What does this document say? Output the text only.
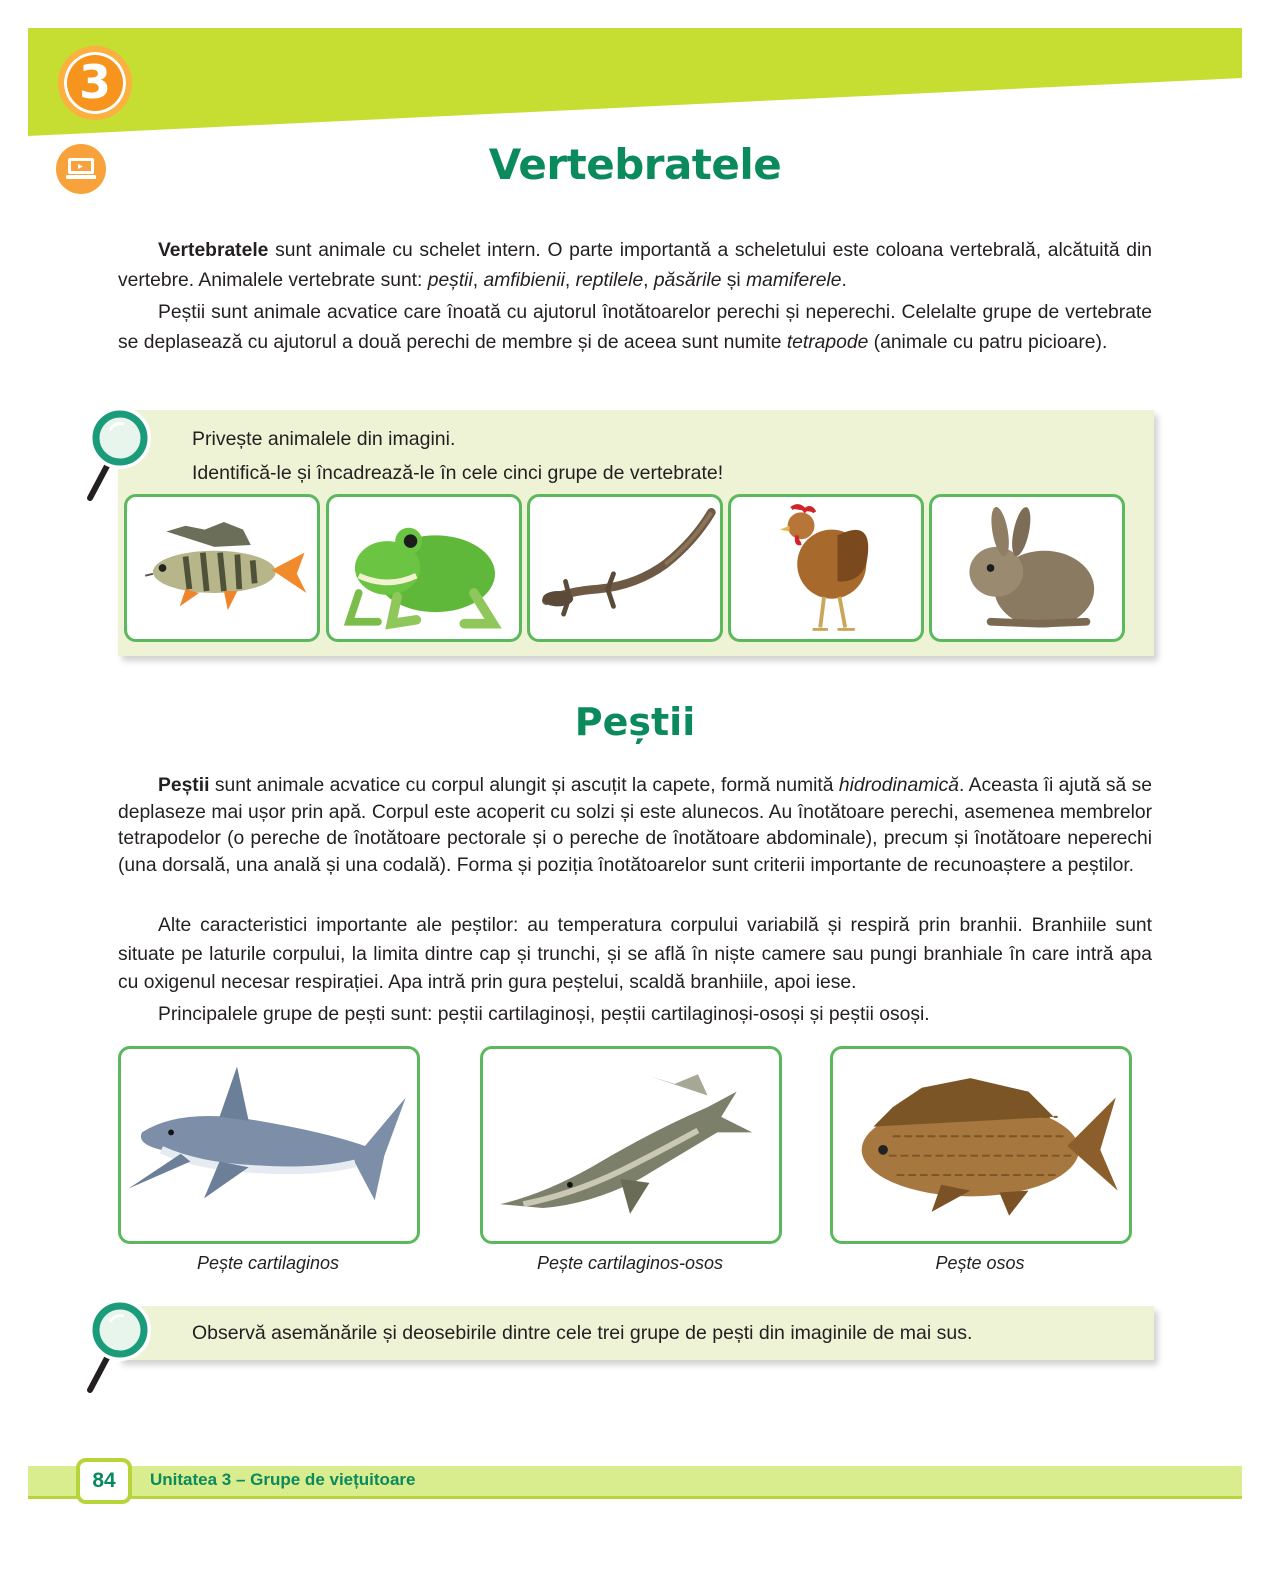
3
Vertebratele

Vertebratele sunt animale cu schelet intern. O parte importantă a scheletului este coloana vertebrală, alcătuită din vertebre. Animalele vertebrate sunt: peștii, amfibienii, reptilele, păsările și mamiferele.

Peștii sunt animale acvatice care înoată cu ajutorul înotătoarelor perechi și neperechi. Celelalte grupe de vertebrate se deplasează cu ajutorul a două perechi de membre și de aceea sunt numite tetrapode (animale cu patru picioare).

Privește animalele din imagini.
Identifică-le și încadrează-le în cele cinci grupe de vertebrate!
Peștii

Peștii sunt animale acvatice cu corpul alungit și ascuțit la capete, formă numită hidrodinamică. Aceasta îi ajută să se deplaseze mai ușor prin apă. Corpul este acoperit cu solzi și este alunecos. Au înotătoare perechi, asemenea membrelor tetrapodelor (o pereche de înotătoare pectorale și o pereche de înotătoare abdominale), precum și înotătoare neperechi (una dorsală, una anală și una codală). Forma și poziția înotătoarelor sunt criterii importante de recunoaștere a peștilor.

Alte caracteristici importante ale peștilor: au temperatura corpului variabilă și respiră prin branhii. Branhiile sunt situate pe laturile corpului, la limita dintre cap și trunchi, și se află în niște camere sau pungi branhiale în care intră apa cu oxigenul necesar respirației. Apa intră prin gura peștelui, scaldă branhiile, apoi iese.

Principalele grupe de pești sunt: peștii cartilaginoși, peștii cartilaginoși-osoși și peștii osoși.

Pește cartilaginos	Pește cartilaginos-osos	Pește osos
Observă asemănările și deosebirile dintre cele trei grupe de pești din imaginile de mai sus.
84	Unitatea 3 – Grupe de viețuitoare
